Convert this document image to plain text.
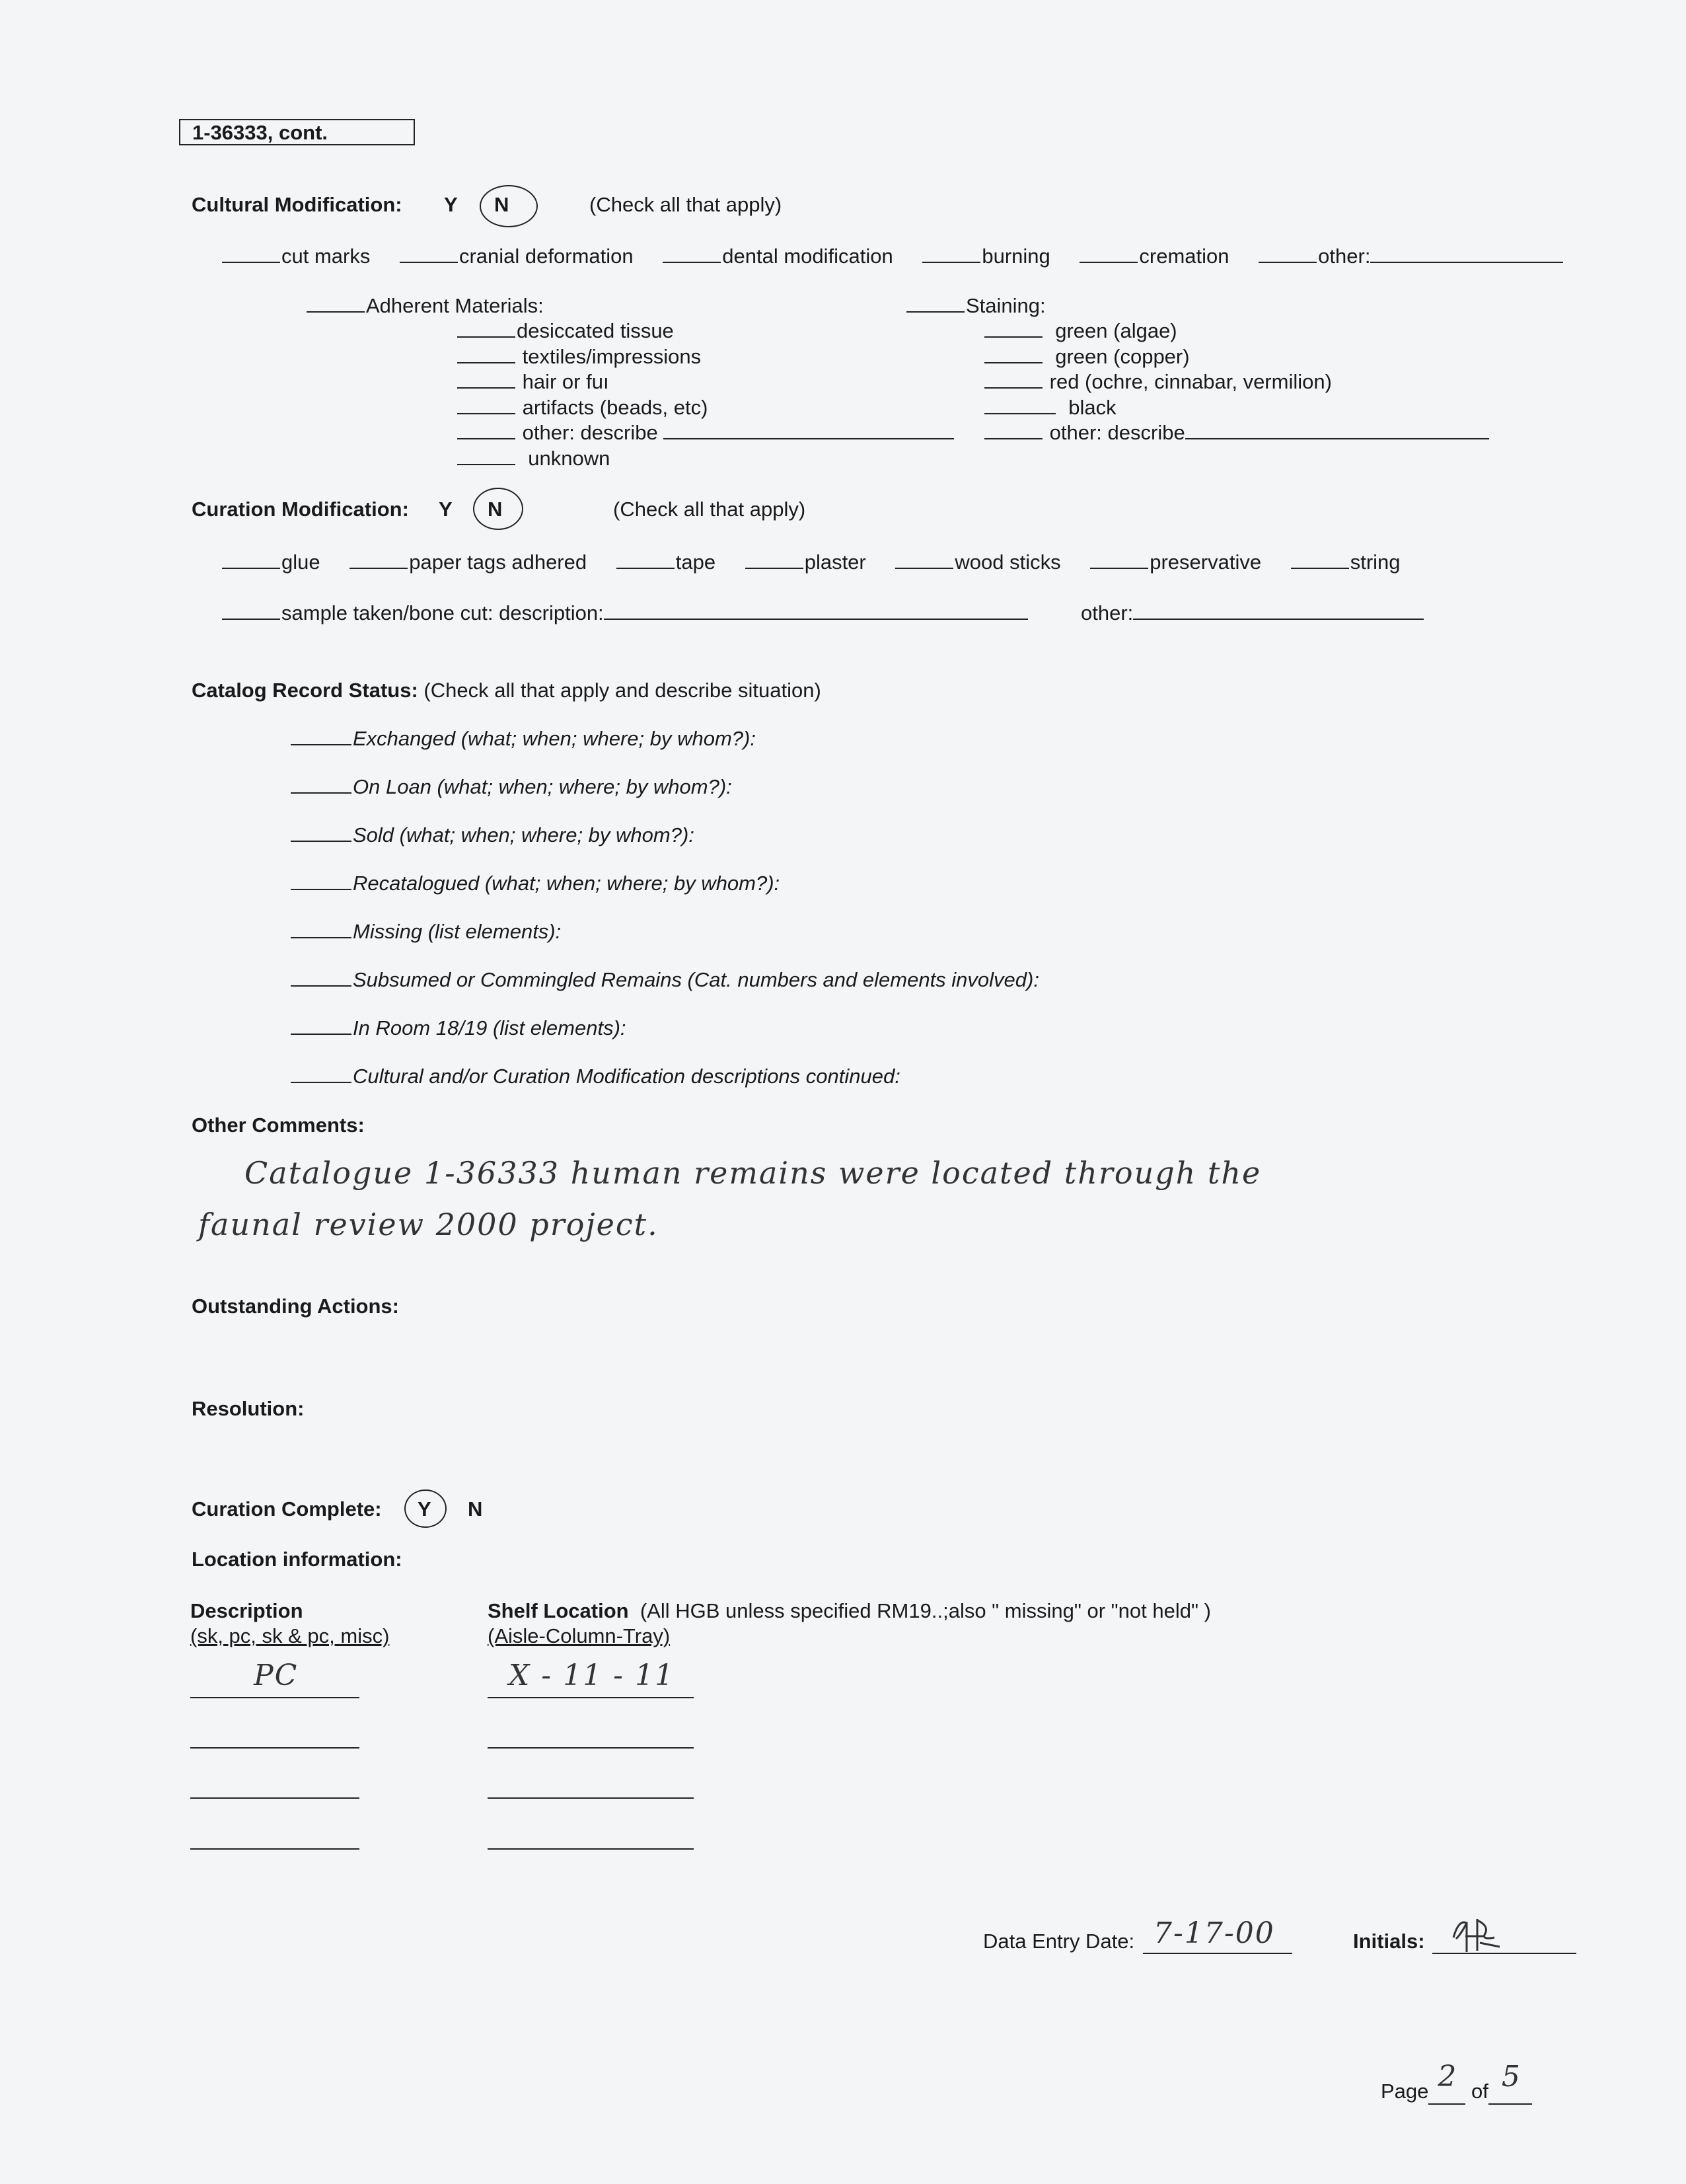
1-36333, cont.
Cultural Modification: Y N	(Check all that apply)
cut marks	cranial deformation	dental modification	burning	cremation	other:
Adherent Materials:
desiccated tissue
textiles/impressions
hair or fuı
artifacts (beads, etc)
other: describe
unknown
Staining:
green (algae)
green (copper)
red (ochre, cinnabar, vermilion)
black
other: describe
Curation Modification: Y N	(Check all that apply)
glue	paper tags adhered	tape	plaster	wood sticks	preservative	string
sample taken/bone cut: description:	other:
Catalog Record Status: (Check all that apply and describe situation)
Exchanged (what; when; where; by whom?):
On Loan (what; when; where; by whom?):
Sold (what; when; where; by whom?):
Recatalogued (what; when; where; by whom?):
Missing (list elements):
Subsumed or Commingled Remains (Cat. numbers and elements involved):
In Room 18/19 (list elements):
Cultural and/or Curation Modification descriptions continued:
Other Comments:
Catalogue 1-36333 human remains were located through the
faunal review 2000 project.
Outstanding Actions:
Resolution:
Curation Complete: Y N
Location information:
Description
(sk, pc, sk & pc, misc)
Shelf Location (All HGB unless specified RM19..;also " missing" or "not held" )
(Aisle-Column-Tray)
PC	X - 11 - 11
Data Entry Date: 7-17-00	Initials:
Page 2 of 5
